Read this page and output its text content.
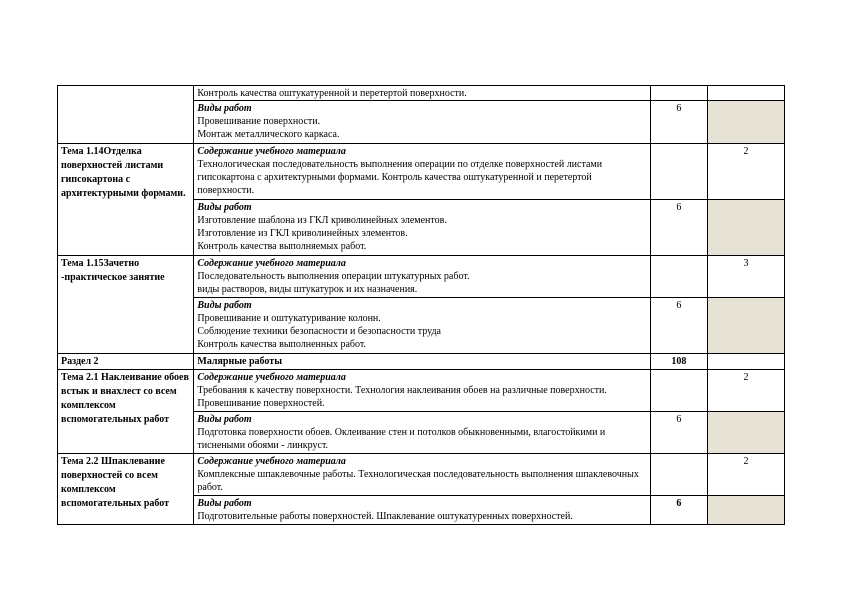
	Контроль качества оштукатуренной и перетертой поверхности.		

	Виды работ
Провешивание поверхности.
Монтаж металлического каркаса.	6	
Тема 1.14Отделка поверхностей листами гипсокартона с архитектурными формами.	Содержание учебного материала
Технологическая последовательность выполнения операции по отделке поверхностей листами гипсокартона с архитектурными формами. Контроль качества оштукатуренной и перетертой поверхности.		2

	Виды работ
Изготовление шаблона из ГКЛ криволинейных элементов.
Изготовление из ГКЛ криволинейных элементов.
Контроль качества выполняемых работ.	6	
Тема 1.15Зачетно -практическое занятие	Содержание учебного материала
Последовательность выполнения операции штукатурных работ.
виды растворов, виды штукатурок и их назначения.		3

	Виды работ
Провешивание и оштукатуривание колонн.
Соблюдение техники безопасности и безопасности труда
Контроль качества выполненных работ.	6	
Раздел 2	Малярные работы	108	
Тема 2.1 Наклеивание обоев встык и внахлест со всем комплексом вспомогательных работ	Содержание учебного материала
Требования к качеству поверхности. Технология наклеивания обоев на различные поверхности. Провешивание поверхностей.		2

	Виды работ
Подготовка поверхности обоев. Оклеивание стен и потолков обыкновенными, влагостойкими и тиснеными обоями - линкруст.	6	
Тема 2.2 Шпаклевание поверхностей со всем комплексом вспомогательных работ	Содержание учебного материала
Комплексные шпаклевочные работы. Технологическая последовательность выполнения шпаклевочных работ.		2

	Виды работ
Подготовительные работы поверхностей. Шпаклевание оштукатуренных поверхностей.	6	
